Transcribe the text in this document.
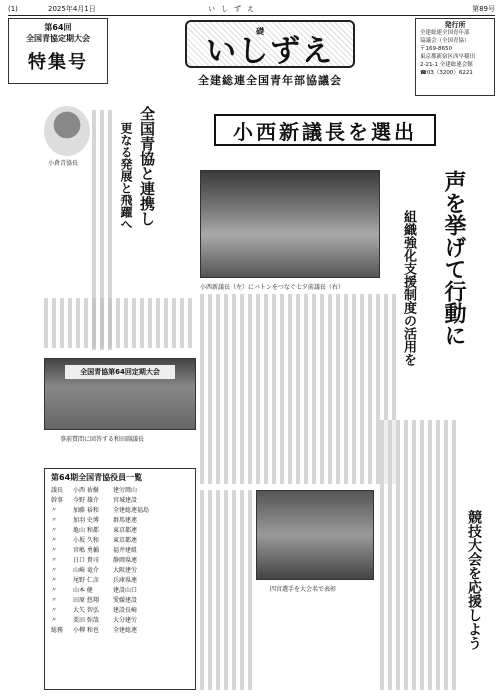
(1)	2025年4月1日	いしずえ	第89号
第64回
全国青協定期大会
特集号	いしずえ
礎
全建総連全国青年部協議会
発行所
全建総連全国青年部
協議会（全国青協）
〒169-8650
東京都新宿区西早稲田
2-21-1 全建総連会館
☎03（3200）6221
小倉青協長	全国青協と連携し
更なる発展と飛躍へ	小西新議長を選出
小西新議長（左）にバトンをつなぐ七夕前議長（右）	声を挙げて行動に
組織強化支援制度の活用を
全国青協第64回定期大会
事前質問に回答する和田副議長
第64期全国青協役員一覧
議長	小西 祐樹	建労岡山
幹事	今野 雄介	宮城建設
〃	加藤 裕和	全建総連福島
〃	加羽 史博	群馬建連
〃	亀山 和都	東京都連
〃	小坂 久和	東京都連
〃	宮嶋 勇輔	福井建組
〃	日口 貴司	静岡県連
〃	山崎 竜介	大阪建労
〃	尾野 仁彦	兵庫県連
〃	山本 健	建設山口
〃	田原 悠翔	愛媛建設
〃	大矢 智弘	建設長崎
〃	栗田 弥哉	大分建労
総務	小柳 和也	全建総連
四宮選手を大会名で表彰	競技大会を応援しよう
